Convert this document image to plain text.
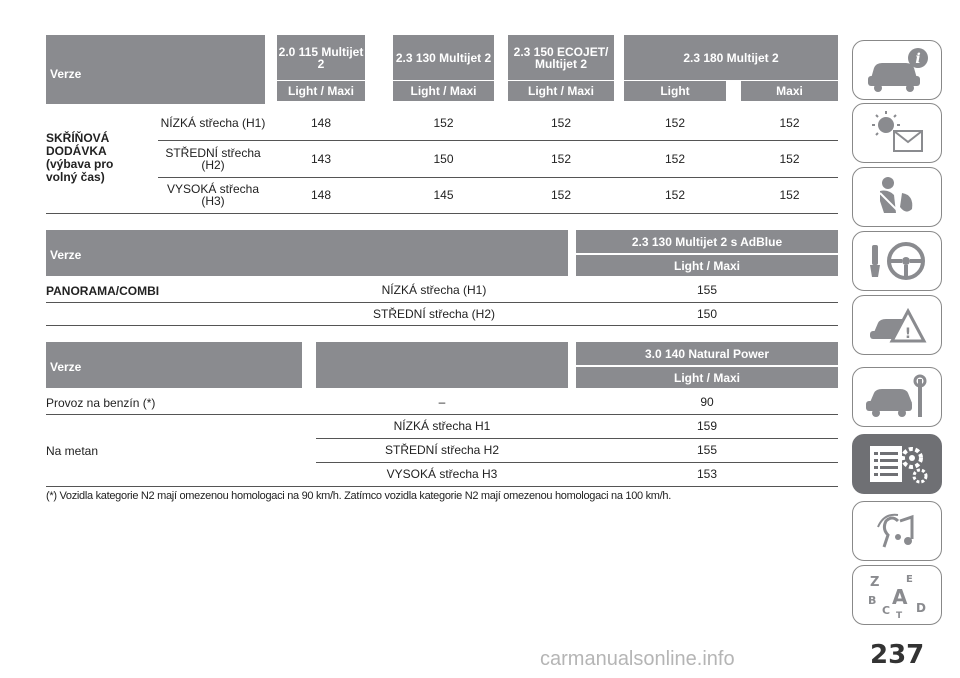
Verze
2.0 115 Multijet 2	2.3 130 Multijet 2	2.3 150 ECOJET/ Multijet 2	2.3 180 Multijet 2
Light / Maxi	Light / Maxi	Light / Maxi	Light	Maxi
SKŘÍŇOVÁ DODÁVKA (výbava pro volný čas)
NÍZKÁ střecha (H1)	148	152	152	152	152
STŘEDNÍ střecha (H2)	143	150	152	152	152
VYSOKÁ střecha (H3)	148	145	152	152	152
Verze
2.3 130 Multijet 2 s AdBlue
Light / Maxi
PANORAMA/COMBI	NÍZKÁ střecha (H1)	155
STŘEDNÍ střecha (H2)	150
Verze
3.0 140 Natural Power
Light / Maxi
Provoz na benzín (*)	–	90
Na metan
NÍZKÁ střecha H1	159
STŘEDNÍ střecha H2	155
VYSOKÁ střecha H3	153
(*) Vozidla kategorie N2 mají omezenou homologaci na 90 km/h. Zatímco vozidla kategorie N2 mají omezenou homologaci na 100 km/h.
i
!
Z	E
B A
C T
D
carmanualsonline.info	237
